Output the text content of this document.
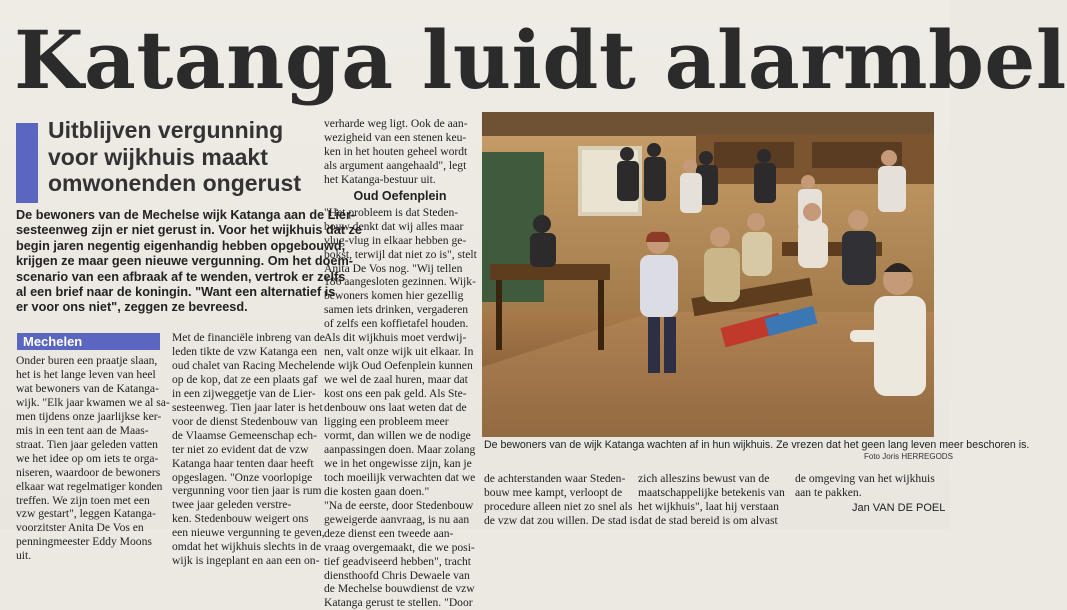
Katanga luidt alarmbel
Uitblijven vergunning
voor wijkhuis maakt
omwonenden ongerust
De bewoners van de Mechelse wijk Katanga aan de Lier-
sesteenweg zijn er niet gerust in. Voor het wijkhuis dat ze
begin jaren negentig eigenhandig hebben opgebouwd,
krijgen ze maar geen nieuwe vergunning. Om het doem-
scenario van een afbraak af te wenden, vertrok er zelfs
al een brief naar de koningin. "Want een alternatief is
er voor ons niet", zeggen ze bevreesd.
Mechelen
Onder buren een praatje slaan,
het is het lange leven van heel
wat bewoners van de Katanga-
wijk. "Elk jaar kwamen we al sa-
men tijdens onze jaarlijkse ker-
mis in een tent aan de Maas-
straat. Tien jaar geleden vatten
we het idee op om iets te orga-
niseren, waardoor de bewoners
elkaar wat regelmatiger konden
treffen. We zijn toen met een
vzw gestart", leggen Katanga-
voorzitster Anita De Vos en
penningmeester Eddy Moons
uit.
Met de financiële inbreng van de
leden tikte de vzw Katanga een
oud chalet van Racing Mechelen
op de kop, dat ze een plaats gaf
in een zijweggetje van de Lier-
sesteenweg. Tien jaar later is het
voor de dienst Stedenbouw van
de Vlaamse Gemeenschap ech-
ter niet zo evident dat de vzw
Katanga haar tenten daar heeft
opgeslagen. "Onze voorlopige
vergunning voor tien jaar is rum
twee jaar geleden verstre-
ken. Stedenbouw weigert ons
een nieuwe vergunning te geven,
omdat het wijkhuis slechts in de
wijk is ingeplant en aan een on-
verharde weg ligt. Ook de aan-
wezigheid van een stenen keu-
ken in het houten geheel wordt
als argument aangehaald", legt
het Katanga-bestuur uit.
Oud Oefenplein
"Het probleem is dat Steden-
bouw denkt dat wij alles maar
vlug-vlug in elkaar hebben ge-
bokst, terwijl dat niet zo is", stelt
Anita De Vos nog. "Wij tellen
186 aangesloten gezinnen. Wijk-
bewoners komen hier gezellig
samen iets drinken, vergaderen
of zelfs een koffietafel houden.
Als dit wijkhuis moet verdwij-
nen, valt onze wijk uit elkaar. In
de wijk Oud Oefenplein kunnen
we wel de zaal huren, maar dat
kost ons een pak geld. Als Ste-
denbouw ons laat weten dat de
ligging een probleem meer
vormt, dan willen we de nodige
aanpassingen doen. Maar zolang
we in het ongewisse zijn, kan je
toch moeilijk verwachten dat we
die kosten gaan doen."
"Na de eerste, door Stedenbouw
geweigerde aanvraag, is nu aan
deze dienst een tweede aan-
vraag overgemaakt, die we posi-
tief geadviseerd hebben", tracht
diensthoofd Chris Dewaele van
de Mechelse bouwdienst de vzw
Katanga gerust te stellen. "Door
De bewoners van de wijk Katanga wachten af in hun wijkhuis. Ze vrezen dat het geen lang leven meer beschoren is.
Foto Joris HERREGODS
de achterstanden waar Steden-
bouw mee kampt, verloopt de
procedure alleen niet zo snel als
de vzw dat zou willen. De stad is
zich alleszins bewust van de
maatschappelijke betekenis van
het wijkhuis", laat hij verstaan
dat de stad bereid is om alvast
de omgeving van het wijkhuis
aan te pakken.
Jan VAN DE POEL
